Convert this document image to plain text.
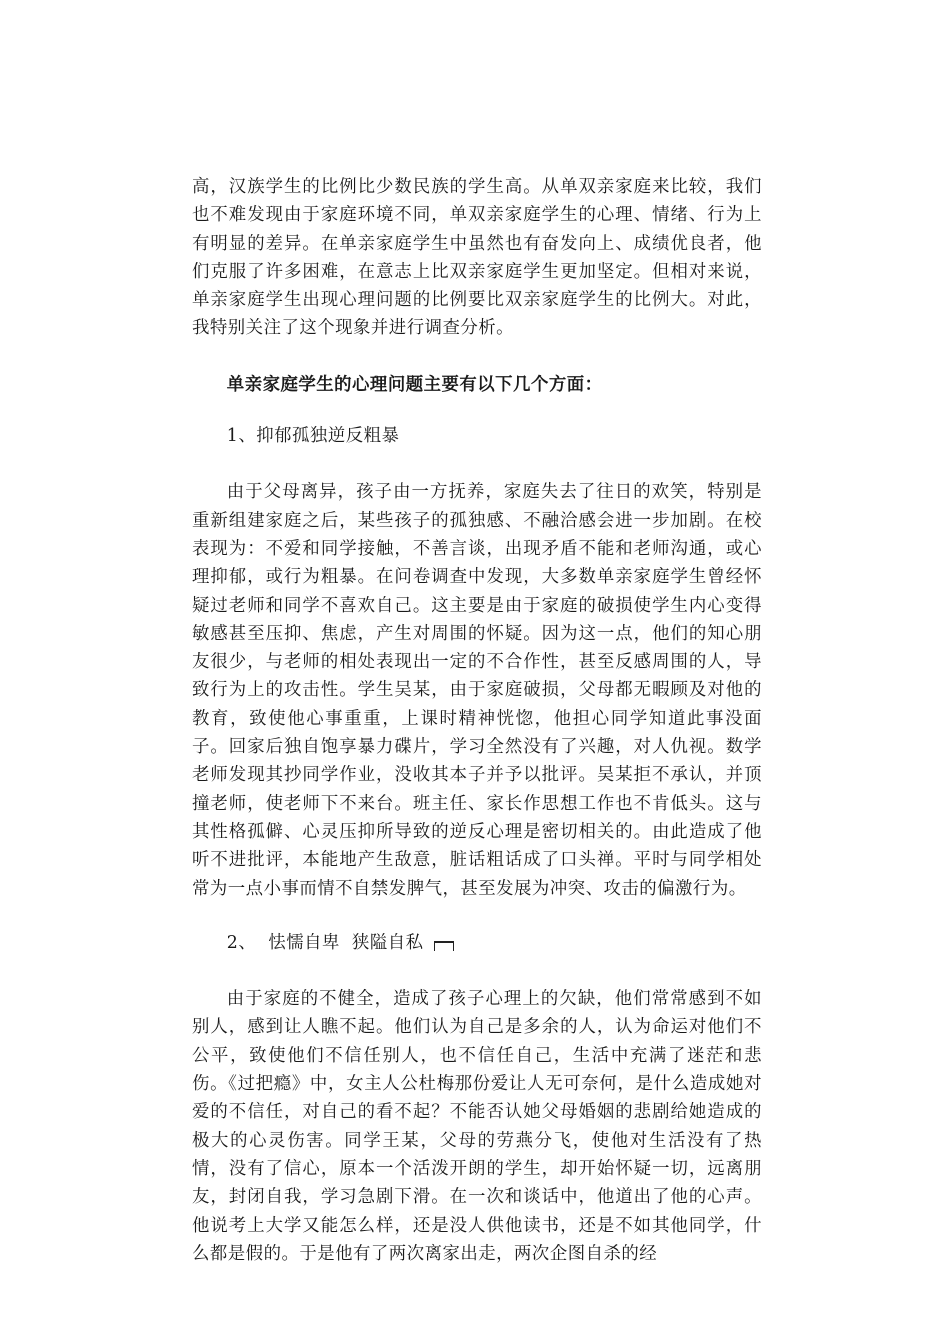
高，汉族学生的比例比少数民族的学生高。从单双亲家庭来比较，我们也不难发现由于家庭环境不同，单双亲家庭学生的心理、情绪、行为上有明显的差异。在单亲家庭学生中虽然也有奋发向上、成绩优良者，他们克服了许多困难，在意志上比双亲家庭学生更加坚定。但相对来说，单亲家庭学生出现心理问题的比例要比双亲家庭学生的比例大。对此，我特别关注了这个现象并进行调查分析。

单亲家庭学生的心理问题主要有以下几个方面：

1、抑郁孤独逆反粗暴

由于父母离异，孩子由一方抚养，家庭失去了往日的欢笑，特别是重新组建家庭之后，某些孩子的孤独感、不融洽感会进一步加剧。在校表现为：不爱和同学接触，不善言谈，出现矛盾不能和老师沟通，或心理抑郁，或行为粗暴。在问卷调查中发现，大多数单亲家庭学生曾经怀疑过老师和同学不喜欢自己。这主要是由于家庭的破损使学生内心变得敏感甚至压抑、焦虑，产生对周围的怀疑。因为这一点，他们的知心朋友很少，与老师的相处表现出一定的不合作性，甚至反感周围的人，导致行为上的攻击性。学生吴某，由于家庭破损，父母都无暇顾及对他的教育，致使他心事重重，上课时精神恍惚，他担心同学知道此事没面子。回家后独自饱享暴力碟片，学习全然没有了兴趣，对人仇视。数学老师发现其抄同学作业，没收其本子并予以批评。吴某拒不承认，并顶撞老师，使老师下不来台。班主任、家长作思想工作也不肯低头。这与其性格孤僻、心灵压抑所导致的逆反心理是密切相关的。由此造成了他听不进批评，本能地产生敌意，脏话粗话成了口头禅。平时与同学相处常为一点小事而情不自禁发脾气，甚至发展为冲突、攻击的偏激行为。

2、  怯懦自卑  狭隘自私

由于家庭的不健全，造成了孩子心理上的欠缺，他们常常感到不如别人，感到让人瞧不起。他们认为自己是多余的人，认为命运对他们不公平，致使他们不信任别人，也不信任自己，生活中充满了迷茫和悲伤。《过把瘾》中，女主人公杜梅那份爱让人无可奈何，是什么造成她对爱的不信任，对自己的看不起？不能否认她父母婚姻的悲剧给她造成的极大的心灵伤害。同学王某，父母的劳燕分飞，使他对生活没有了热情，没有了信心，原本一个活泼开朗的学生，却开始怀疑一切，远离朋友，封闭自我，学习急剧下滑。在一次和谈话中，他道出了他的心声。他说考上大学又能怎么样，还是没人供他读书，还是不如其他同学，什么都是假的。于是他有了两次离家出走，两次企图自杀的经
